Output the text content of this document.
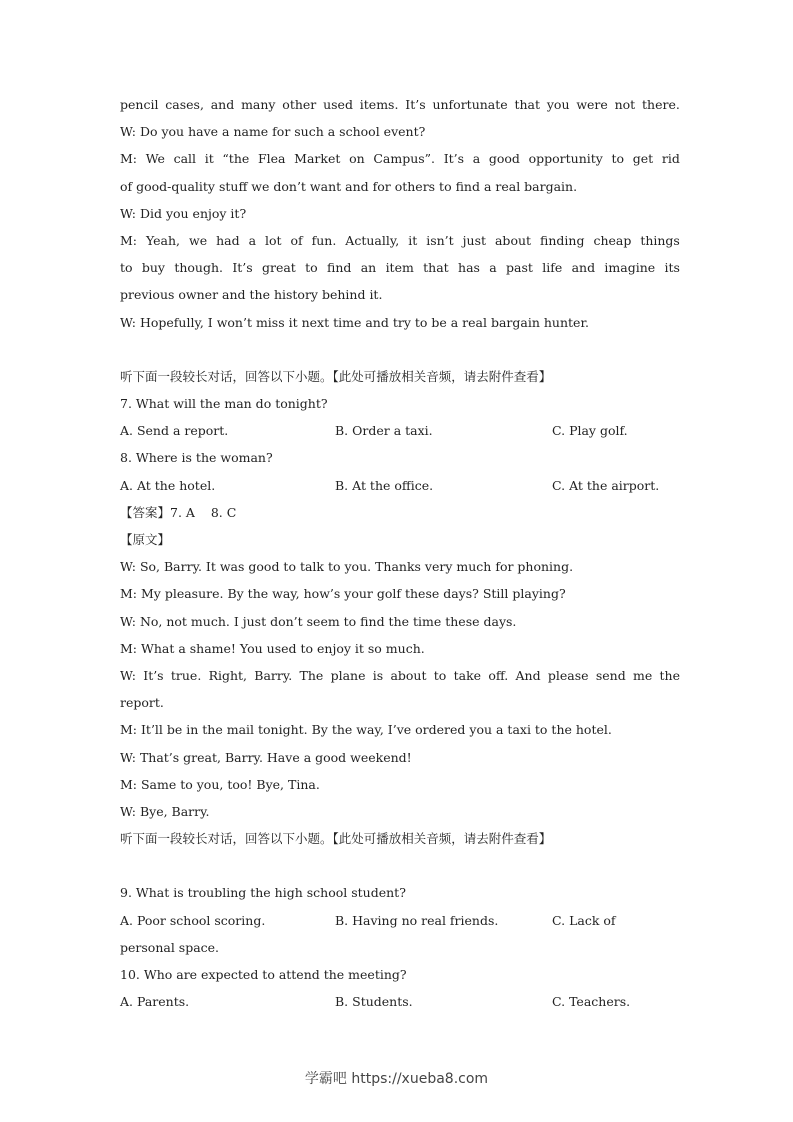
pencil cases, and many other used items. It’s unfortunate that you were not there.
W: Do you have a name for such a school event?
M: We call it “the Flea Market on Campus”. It’s a good opportunity to get rid
of good-quality stuff we don’t want and for others to find a real bargain.
W: Did you enjoy it?
M: Yeah, we had a lot of fun. Actually, it isn’t just about finding cheap things
to buy though. It’s great to find an item that has a past life and imagine its
previous owner and the history behind it.
W: Hopefully, I won’t miss it next time and try to be a real bargain hunter.
听下面一段较长对话，回答以下小题。【此处可播放相关音频，请去附件查看】
7. What will the man do tonight?
A. Send a report.	B. Order a taxi.	C. Play golf.
8. Where is the woman?
A. At the hotel.	B. At the office.	C. At the airport.
【答案】7. A    8. C
【原文】
W: So, Barry. It was good to talk to you. Thanks very much for phoning.
M: My pleasure. By the way, how’s your golf these days? Still playing?
W: No, not much. I just don’t seem to find the time these days.
M: What a shame! You used to enjoy it so much.
W: It’s true. Right, Barry. The plane is about to take off. And please send me the
report.
M: It’ll be in the mail tonight. By the way, I’ve ordered you a taxi to the hotel.
W: That’s great, Barry. Have a good weekend!
M: Same to you, too! Bye, Tina.
W: Bye, Barry.
听下面一段较长对话，回答以下小题。【此处可播放相关音频，请去附件查看】
9. What is troubling the high school student?
A. Poor school scoring.	B. Having no real friends.	C. Lack of
personal space.
10. Who are expected to attend the meeting?
A. Parents.	B. Students.	C. Teachers.
学霸吧 https://xueba8.com
